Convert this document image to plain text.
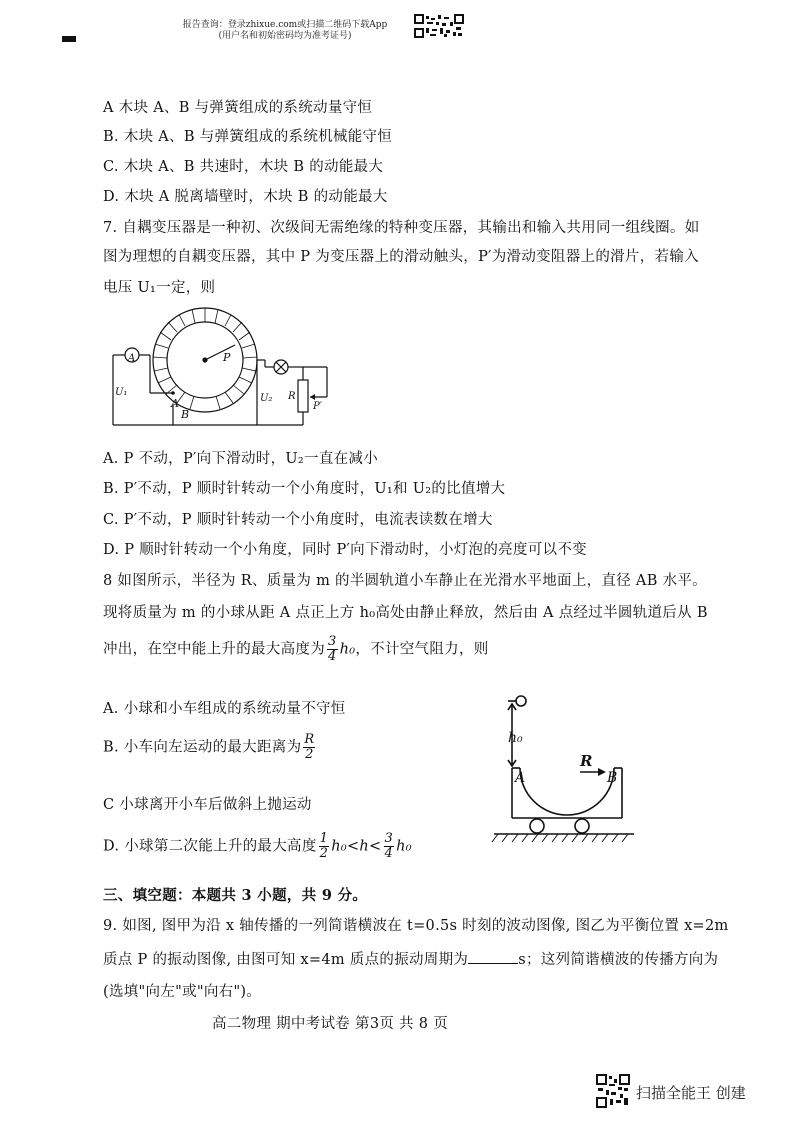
报告查询：登录zhixue.com或扫描二维码下载App
(用户名和初始密码均为准考证号)
A 木块 A、B 与弹簧组成的系统动量守恒
B. 木块 A、B 与弹簧组成的系统机械能守恒
C. 木块 A、B 共速时，木块 B 的动能最大
D. 木块 A 脱离墙壁时，木块 B 的动能最大
7. 自耦变压器是一种初、次级间无需绝缘的特种变压器，其输出和输入共用同一组线圈。如
图为理想的自耦变压器，其中 P 为变压器上的滑动触头，P′为滑动变阻器上的滑片，若输入
电压 U₁一定，则
A
U₁
A
B
P
U₂ R
P′
A. P 不动，P′向下滑动时，U₂一直在减小
B. P′不动，P 顺时针转动一个小角度时，U₁和 U₂的比值增大
C. P′不动，P 顺时针转动一个小角度时，电流表读数在增大
D. P 顺时针转动一个小角度，同时 P′向下滑动时，小灯泡的亮度可以不变
8 如图所示，半径为 R、质量为 m 的半圆轨道小车静止在光滑水平地面上，直径 AB 水平。
现将质量为 m 的小球从距 A 点正上方 h₀高处由静止释放，然后由 A 点经过半圆轨道后从 B
冲出，在空中能上升的最大高度为 $\frac{3}{4} h_0$，不计空气阻力，则
A. 小球和小车组成的系统动量不守恒
B. 小车向左运动的最大距离为 $\frac{R}{2}$
C 小球离开小车后做斜上抛运动
D. 小球第二次能上升的最大高度 $\frac{1}{2} h_0<h< \frac{3}{4} h_0$
h₀
R
A	B
三、填空题：本题共 3 小题，共 9 分。
9. 如图, 图甲为沿 x 轴传播的一列简谐横波在 t=0.5s 时刻的波动图像, 图乙为平衡位置 x=2m
质点 P 的振动图像, 由图可知 x=4m 质点的振动周期为	s；这列简谐横波的传播方向为
(选填"向左"或"向右")。
高二物理 期中考试卷 第3页 共 8 页
扫描全能王 创建
